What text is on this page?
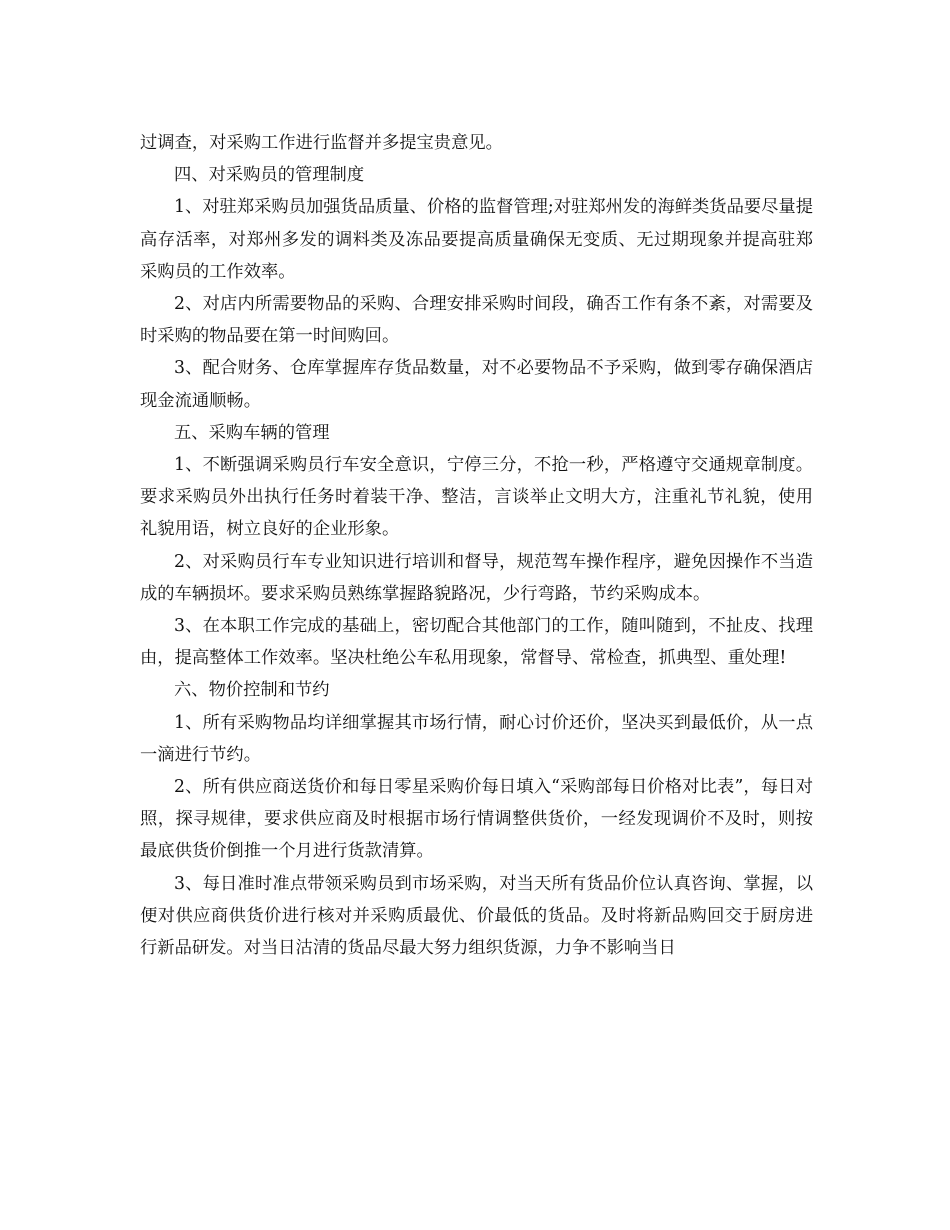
过调查，对采购工作进行监督并多提宝贵意见。

四、对采购员的管理制度

1、对驻郑采购员加强货品质量、价格的监督管理;对驻郑州发的海鲜类货品要尽量提高存活率，对郑州多发的调料类及冻品要提高质量确保无变质、无过期现象并提高驻郑采购员的工作效率。

2、对店内所需要物品的采购、合理安排采购时间段，确否工作有条不紊，对需要及时采购的物品要在第一时间购回。

3、配合财务、仓库掌握库存货品数量，对不必要物品不予采购，做到零存确保酒店现金流通顺畅。

五、采购车辆的管理

1、不断强调采购员行车安全意识，宁停三分，不抢一秒，严格遵守交通规章制度。要求采购员外出执行任务时着装干净、整洁，言谈举止文明大方，注重礼节礼貌，使用礼貌用语，树立良好的企业形象。

2、对采购员行车专业知识进行培训和督导，规范驾车操作程序，避免因操作不当造成的车辆损坏。要求采购员熟练掌握路貌路况，少行弯路，节约采购成本。

3、在本职工作完成的基础上，密切配合其他部门的工作，随叫随到，不扯皮、找理由，提高整体工作效率。坚决杜绝公车私用现象，常督导、常检查，抓典型、重处理!

六、物价控制和节约

1、所有采购物品均详细掌握其市场行情，耐心讨价还价，坚决买到最低价，从一点一滴进行节约。

2、所有供应商送货价和每日零星采购价每日填入“采购部每日价格对比表”，每日对照，探寻规律，要求供应商及时根据市场行情调整供货价，一经发现调价不及时，则按最底供货价倒推一个月进行货款清算。

3、每日准时准点带领采购员到市场采购，对当天所有货品价位认真咨询、掌握，以便对供应商供货价进行核对并采购质最优、价最低的货品。及时将新品购回交于厨房进行新品研发。对当日沽清的货品尽最大努力组织货源，力争不影响当日
